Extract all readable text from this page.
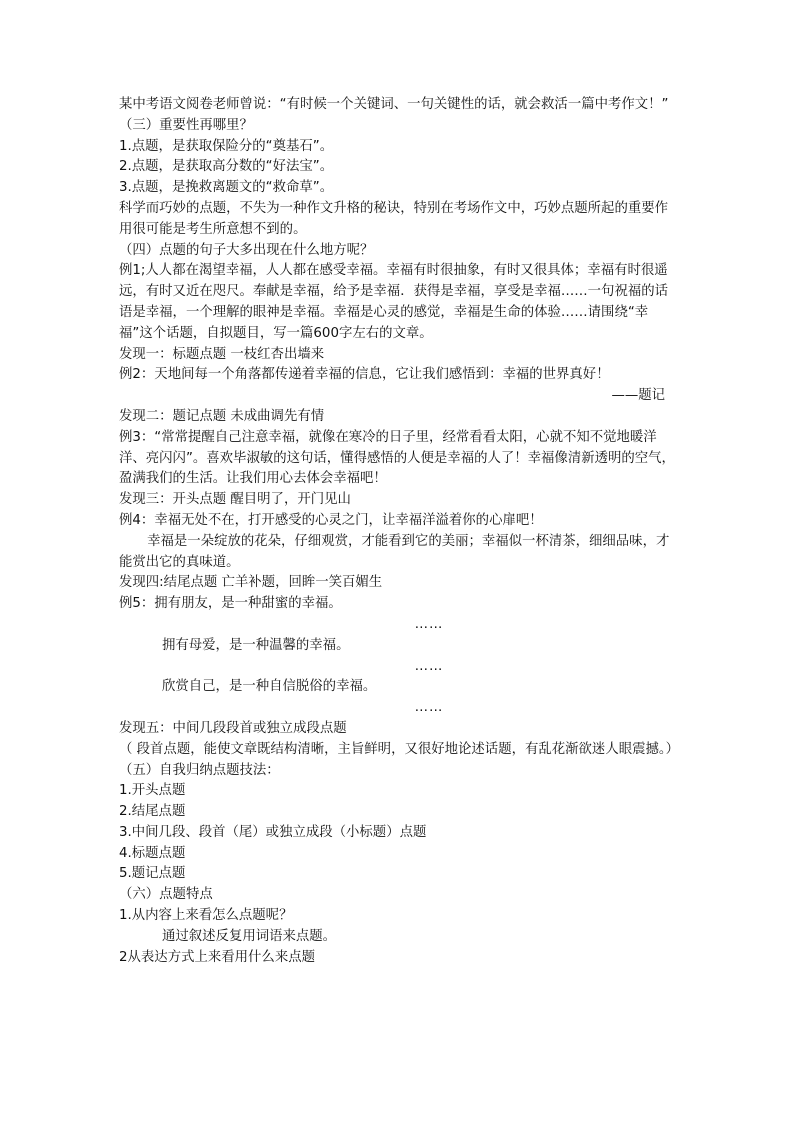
某中考语文阅卷老师曾说：“有时候一个关键词、一句关键性的话，就会救活一篇中考作文！”

（三）重要性再哪里？

1.点题，是获取保险分的“奠基石”。

2.点题，是获取高分数的“好法宝”。

3.点题，是挽救离题文的“救命草”。

科学而巧妙的点题，不失为一种作文升格的秘诀，特别在考场作文中，巧妙点题所起的重要作用很可能是考生所意想不到的。

（四）点题的句子大多出现在什么地方呢？

例1;人人都在渴望幸福，人人都在感受幸福。幸福有时很抽象，有时又很具体；幸福有时很遥远，有时又近在咫尺。奉献是幸福，给予是幸福．获得是幸福，享受是幸福……一句祝福的话语是幸福，一个理解的眼神是幸福。幸福是心灵的感觉，幸福是生命的体验……请围绕“幸福”这个话题，自拟题目，写一篇600字左右的文章。

发现一：标题点题 一枝红杏出墙来

例2：天地间每一个角落都传递着幸福的信息，它让我们感悟到：幸福的世界真好！

——题记

发现二：题记点题 未成曲调先有情

例3：“常常提醒自己注意幸福，就像在寒冷的日子里，经常看看太阳，心就不知不觉地暖洋洋、亮闪闪”。喜欢毕淑敏的这句话，懂得感悟的人便是幸福的人了！幸福像清新透明的空气，盈满我们的生活。让我们用心去体会幸福吧！

发现三：开头点题 醒目明了，开门见山

例4：幸福无处不在，打开感受的心灵之门，让幸福洋溢着你的心扉吧！

幸福是一朵绽放的花朵，仔细观赏，才能看到它的美丽；幸福似一杯清茶，细细品味，才能赏出它的真味道。

发现四:结尾点题 亡羊补题，回眸一笑百媚生

例5：拥有朋友，是一种甜蜜的幸福。

……

拥有母爱，是一种温馨的幸福。

……

欣赏自己，是一种自信脱俗的幸福。

……

发现五：中间几段段首或独立成段点题

（ 段首点题，能使文章既结构清晰，主旨鲜明，又很好地论述话题，有乱花渐欲迷人眼震撼。）

（五）自我归纳点题技法：

1.开头点题

2.结尾点题

3.中间几段、段首（尾）或独立成段（小标题）点题

4.标题点题

5.题记点题

（六）点题特点

1.从内容上来看怎么点题呢？

通过叙述反复用词语来点题。

2从表达方式上来看用什么来点题
